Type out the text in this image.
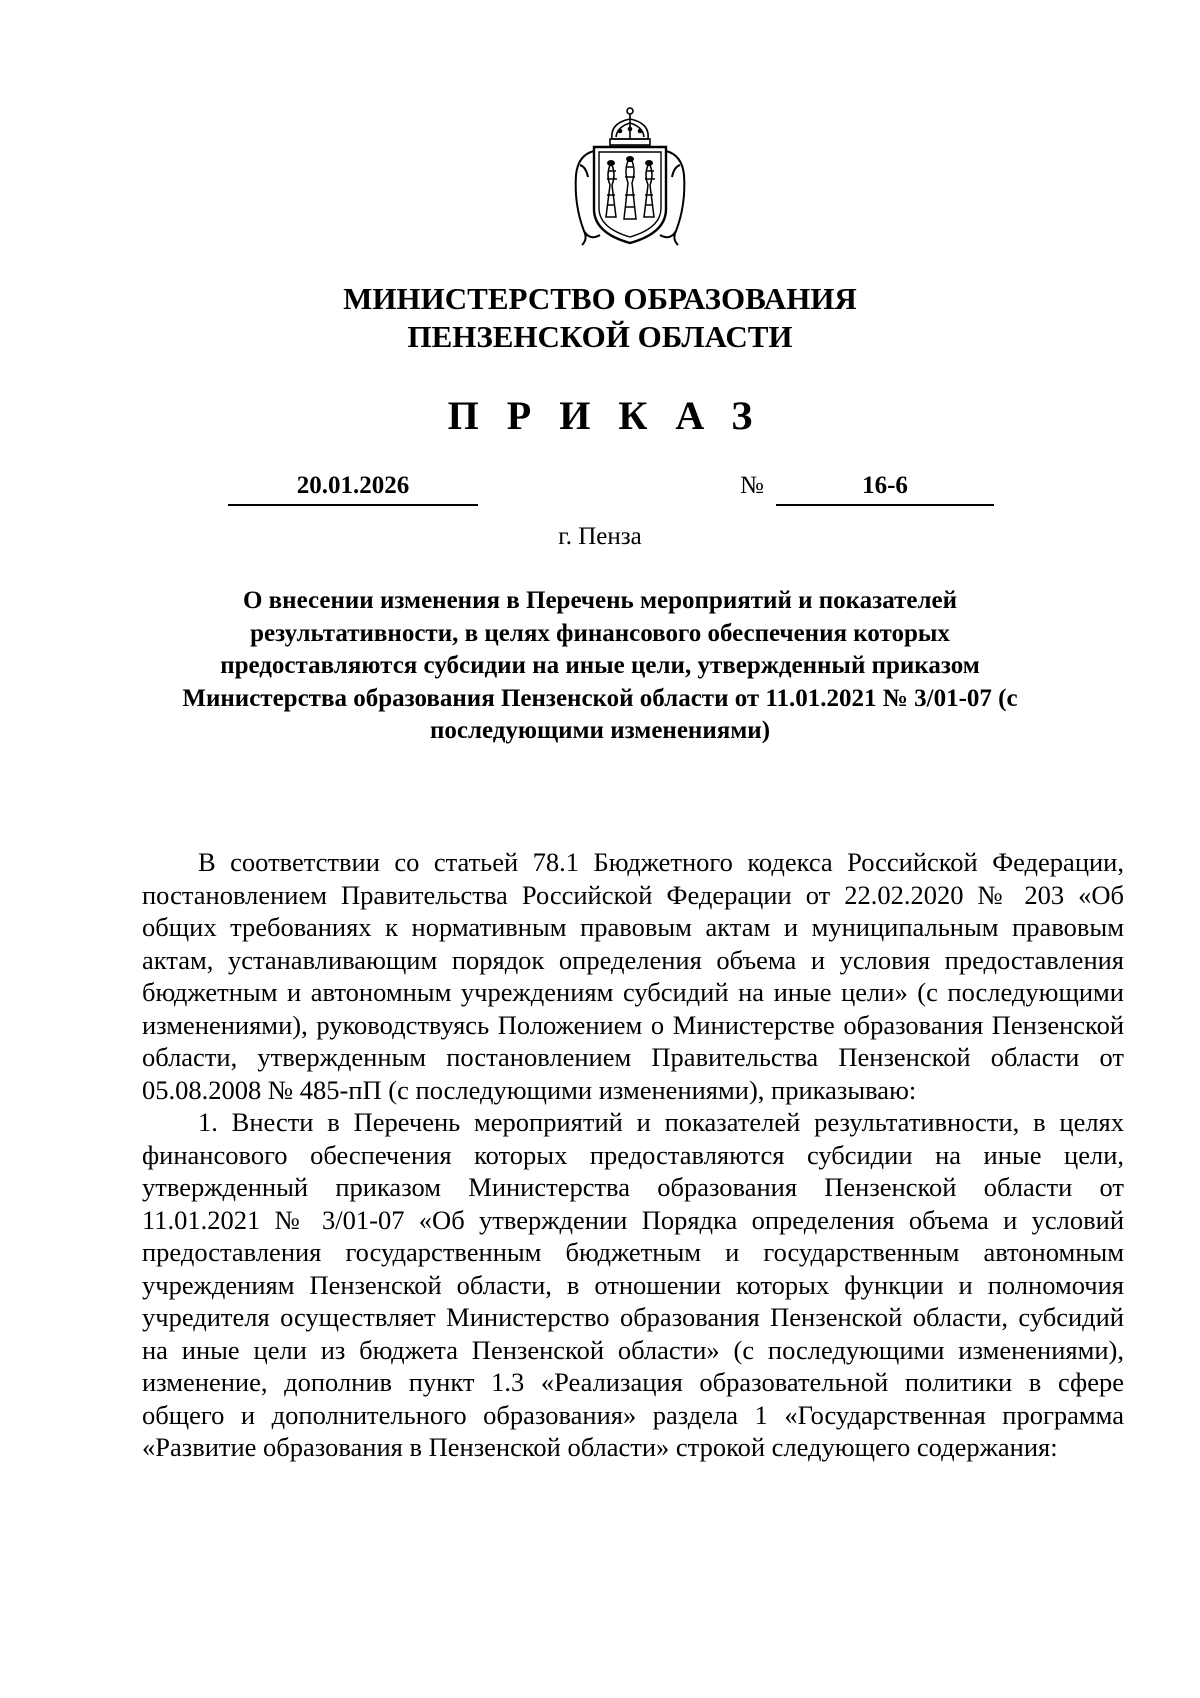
МИНИСТЕРСТВО ОБРАЗОВАНИЯ
ПЕНЗЕНСКОЙ ОБЛАСТИ
ПРИКАЗ
20.01.2026	№	16-6
г. Пенза
О внесении изменения в Перечень мероприятий и показателей результативности, в целях финансового обеспечения которых предоставляются субсидии на иные цели, утвержденный приказом Министерства образования Пензенской области от 11.01.2021 № 3/01-07 (с последующими изменениями)

В соответствии со статьей 78.1 Бюджетного кодекса Российской Федерации, постановлением Правительства Российской Федерации от 22.02.2020 № 203 «Об общих требованиях к нормативным правовым актам и муниципальным правовым актам, устанавливающим порядок определения объема и условия предоставления бюджетным и автономным учреждениям субсидий на иные цели» (с последующими изменениями), руководствуясь Положением о Министерстве образования Пензенской области, утвержденным постановлением Правительства Пензенской области от 05.08.2008 № 485-пП (с последующими изменениями), приказываю:

1. Внести в Перечень мероприятий и показателей результативности, в целях финансового обеспечения которых предоставляются субсидии на иные цели, утвержденный приказом Министерства образования Пензенской области от 11.01.2021 № 3/01-07 «Об утверждении Порядка определения объема и условий предоставления государственным бюджетным и государственным автономным учреждениям Пензенской области, в отношении которых функции и полномочия учредителя осуществляет Министерство образования Пензенской области, субсидий на иные цели из бюджета Пензенской области» (с последующими изменениями), изменение, дополнив пункт 1.3 «Реализация образовательной политики в сфере общего и дополнительного образования» раздела 1 «Государственная программа «Развитие образования в Пензенской области» строкой следующего содержания:
